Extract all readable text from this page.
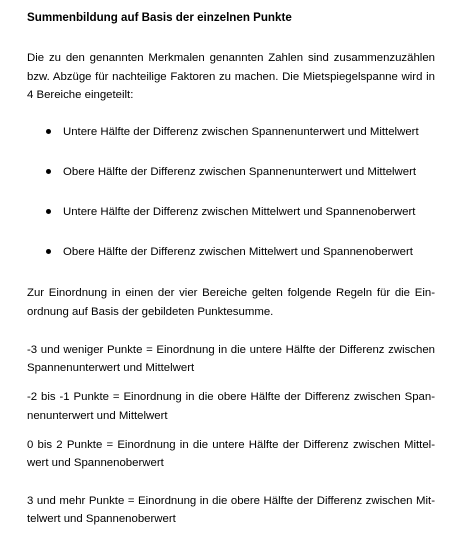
Summenbildung auf Basis der einzelnen Punkte
Die zu den genannten Merkmalen genannten Zahlen sind zusammenzuzählen
bzw. Abzüge für nachteilige Faktoren zu machen. Die Mietspiegelspanne wird in
4 Bereiche eingeteilt:
Untere Hälfte der Differenz zwischen Spannenunterwert und Mittelwert
Obere Hälfte der Differenz zwischen Spannenunterwert und Mittelwert
Untere Hälfte der Differenz zwischen Mittelwert und Spannenoberwert
Obere Hälfte der Differenz zwischen Mittelwert und Spannenoberwert
Zur Einordnung in einen der vier Bereiche gelten folgende Regeln für die Ein-
ordnung auf Basis der gebildeten Punktesumme.
-3 und weniger Punkte = Einordnung in die untere Hälfte der Differenz zwischen
Spannenunterwert und Mittelwert
-2 bis -1 Punkte = Einordnung in die obere Hälfte der Differenz zwischen Span-
nenunterwert und Mittelwert
0 bis 2 Punkte = Einordnung in die untere Hälfte der Differenz zwischen Mittel-
wert und Spannenoberwert
3 und mehr Punkte = Einordnung in die obere Hälfte der Differenz zwischen Mit-
telwert und Spannenoberwert
